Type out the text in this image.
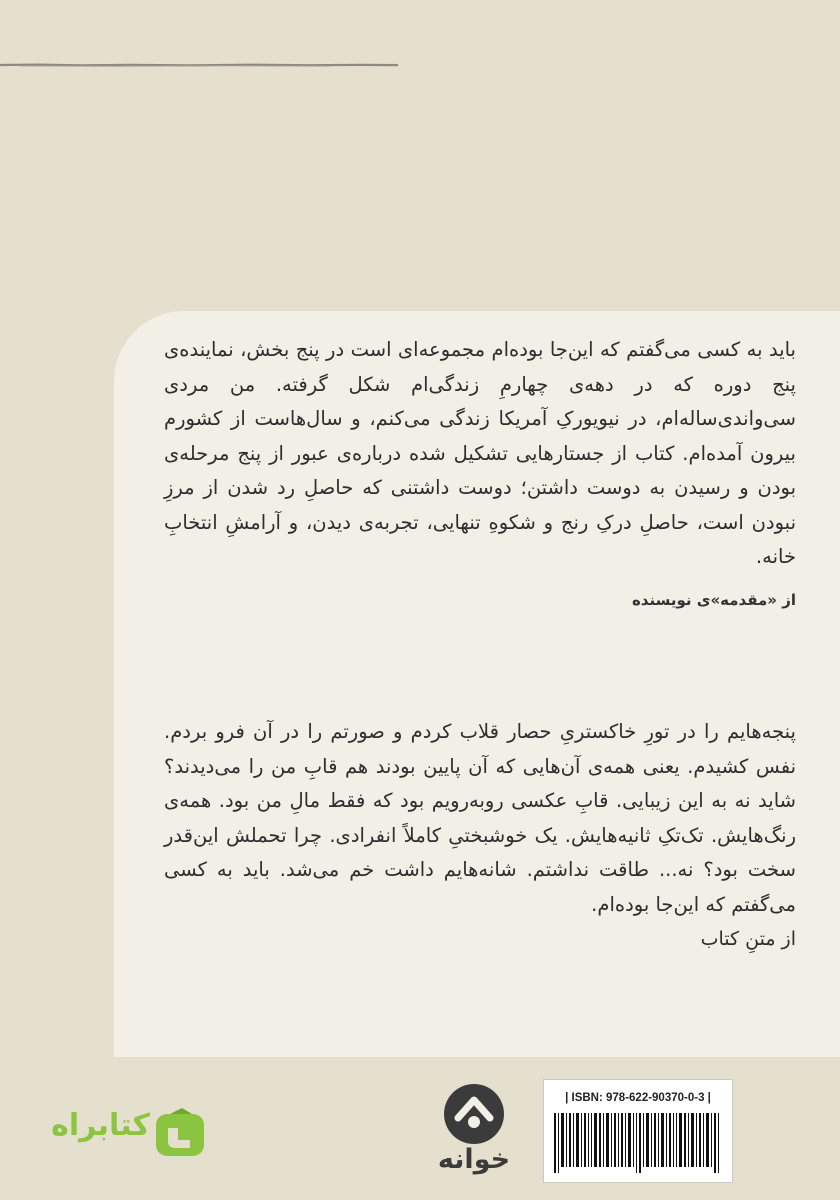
باید به کسی می‌گفتم که این‌جا بوده‌ام مجموعه‌ای است در پنج بخش، نماینده‌ی پنج دوره که در دهه‌ی چهارمِ زندگی‌ام شکل گرفته. من مردی سی‌واندی‌ساله‌ام، در نیویورکِ آمریکا زندگی می‌کنم، و سال‌هاست از کشورم بیرون آمده‌ام. کتاب از جستارهایی تشکیل شده درباره‌ی عبور از پنج مرحله‌ی بودن و رسیدن به دوست داشتن؛ دوست داشتنی که حاصلِ رد شدن از مرزِ نبودن است، حاصلِ درکِ رنج و شکوهِ تنهایی، تجربه‌ی دیدن، و آرامشِ انتخابِ خانه.
از «مقدمه»ی نویسنده
پنجه‌هایم را در تورِ خاکستریِ حصار قلاب کردم و صورتم را در آن فرو بردم. نفس کشیدم. یعنی همه‌ی آن‌هایی که آن پایین بودند هم قابِ من را می‌دیدند؟ شاید نه به این زیبایی. قابِ عکسی روبه‌رویم بود که فقط مالِ من بود. همه‌ی رنگ‌هایش. تک‌تکِ ثانیه‌هایش. یک خوشبختیِ کاملاً انفرادی. چرا تحملش این‌قدر سخت بود؟ نه... طاقت نداشتم. شانه‌هایم داشت خم می‌شد. باید به کسی می‌گفتم که این‌جا بوده‌ام.
از متنِ کتاب
| ISBN: 978-622-90370-0-3 |
خوانه
کتابراه
